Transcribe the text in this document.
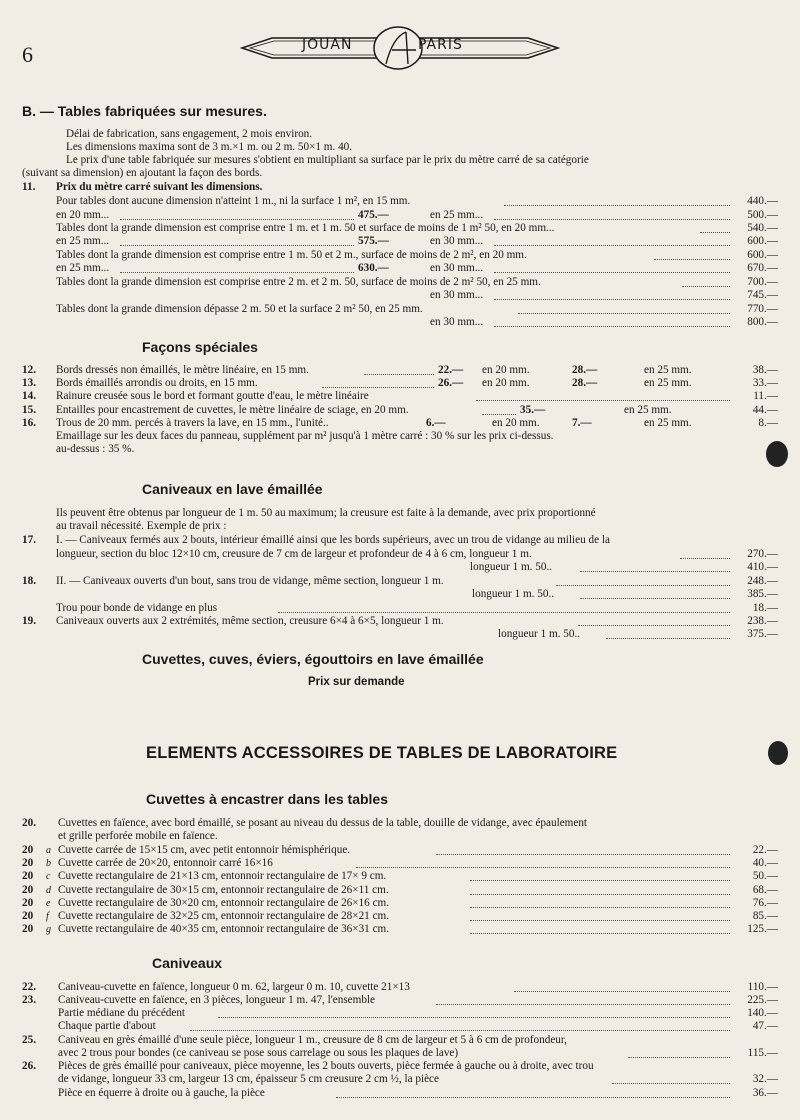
6	JOUAN	PARIS
B. — Tables fabriquées sur mesures.
Délai de fabrication, sans engagement, 2 mois environ.
Les dimensions maxima sont de 3 m.×1 m. ou 2 m. 50×1 m. 40.
Le prix d'une table fabriquée sur mesures s'obtient en multipliant sa surface par le prix du mètre carré de sa catégorie
(suivant sa dimension) en ajoutant la façon des bords.
11. Prix du mètre carré suivant les dimensions.
Pour tables dont aucune dimension n'atteint 1 m., ni la surface 1 m², en 15 mm.	440.—
en 20 mm...	475.—	en 25 mm...	500.—
Tables dont la grande dimension est comprise entre 1 m. et 1 m. 50 et surface de moins de 1 m² 50, en 20 mm...	540.—
en 25 mm...	575.—	en 30 mm...	600.—
Tables dont la grande dimension est comprise entre 1 m. 50 et 2 m., surface de moins de 2 m², en 20 mm.	600.—
en 25 mm...	630.—	en 30 mm...	670.—
Tables dont la grande dimension est comprise entre 2 m. et 2 m. 50, surface de moins de 2 m² 50, en 25 mm.	700.—
en 30 mm...	745.—
Tables dont la grande dimension dépasse 2 m. 50 et la surface 2 m² 50, en 25 mm.	770.—
en 30 mm...	800.—
Façons spéciales
12. Bords dressés non émaillés, le mètre linéaire, en 15 mm.	22.— en 20 mm.	28.—	en 25 mm.	38.—
13. Bords émaillés arrondis ou droits, en 15 mm.	26.— en 20 mm.	28.—	en 25 mm.	33.—
14. Rainure creusée sous le bord et formant goutte d'eau, le mètre linéaire	11.—
15. Entailles pour encastrement de cuvettes, le mètre linéaire de sciage, en 20 mm.	35.—	en 25 mm.	44.—
16. Trous de 20 mm. percés à travers la lave, en 15 mm., l'unité..	6.—	en 20 mm.	7.—	en 25 mm.	8.—
Emaillage sur les deux faces du panneau, supplément par m² jusqu'à 1 mètre carré : 30 % sur les prix ci-dessus.
au-dessus : 35 %.
Caniveaux en lave émaillée
Ils peuvent être obtenus par longueur de 1 m. 50 au maximum; la creusure est faite à la demande, avec prix proportionné
au travail nécessité. Exemple de prix :
17. I. — Caniveaux fermés aux 2 bouts, intérieur émaillé ainsi que les bords supérieurs, avec un trou de vidange au milieu de la
longueur, section du bloc 12×10 cm, creusure de 7 cm de largeur et profondeur de 4 à 6 cm, longueur 1 m.	270.—
longueur 1 m. 50..	410.—
18. II. — Caniveaux ouverts d'un bout, sans trou de vidange, même section, longueur 1 m.	248.—
longueur 1 m. 50..	385.—
Trou pour bonde de vidange en plus	18.—
19. Caniveaux ouverts aux 2 extrémités, même section, creusure 6×4 à 6×5, longueur 1 m.	238.—
longueur 1 m. 50..	375.—
Cuvettes, cuves, éviers, égouttoirs en lave émaillée
Prix sur demande
ELEMENTS ACCESSOIRES DE TABLES DE LABORATOIRE
Cuvettes à encastrer dans les tables
20. Cuvettes en faïence, avec bord émaillé, se posant au niveau du dessus de la table, douille de vidange, avec épaulement
et grille perforée mobile en faïence.
20 a Cuvette carrée de 15×15 cm, avec petit entonnoir hémisphérique.	22.—
20 b Cuvette carrée de 20×20, entonnoir carré 16×16	40.—
20 c Cuvette rectangulaire de 21×13 cm, entonnoir rectangulaire de 17× 9 cm.	50.—
20 d Cuvette rectangulaire de 30×15 cm, entonnoir rectangulaire de 26×11 cm.	68.—
20 e Cuvette rectangulaire de 30×20 cm, entonnoir rectangulaire de 26×16 cm.	76.—
20 f Cuvette rectangulaire de 32×25 cm, entonnoir rectangulaire de 28×21 cm.	85.—
20 g Cuvette rectangulaire de 40×35 cm, entonnoir rectangulaire de 36×31 cm.	125.—
Caniveaux
22. Caniveau-cuvette en faïence, longueur 0 m. 62, largeur 0 m. 10, cuvette 21×13	110.—
23. Caniveau-cuvette en faïence, en 3 pièces, longueur 1 m. 47, l'ensemble	225.—
Partie médiane du précédent	140.—
Chaque partie d'about	47.—
25. Caniveau en grès émaillé d'une seule pièce, longueur 1 m., creusure de 8 cm de largeur et 5 à 6 cm de profondeur,
avec 2 trous pour bondes (ce caniveau se pose sous carrelage ou sous les plaques de lave)	115.—
26. Pièces de grès émaillé pour caniveaux, pièce moyenne, les 2 bouts ouverts, pièce fermée à gauche ou à droite, avec trou
de vidange, longueur 33 cm, largeur 13 cm, épaisseur 5 cm creusure 2 cm ½, la pièce	32.—
Pièce en équerre à droite ou à gauche, la pièce	36.—
